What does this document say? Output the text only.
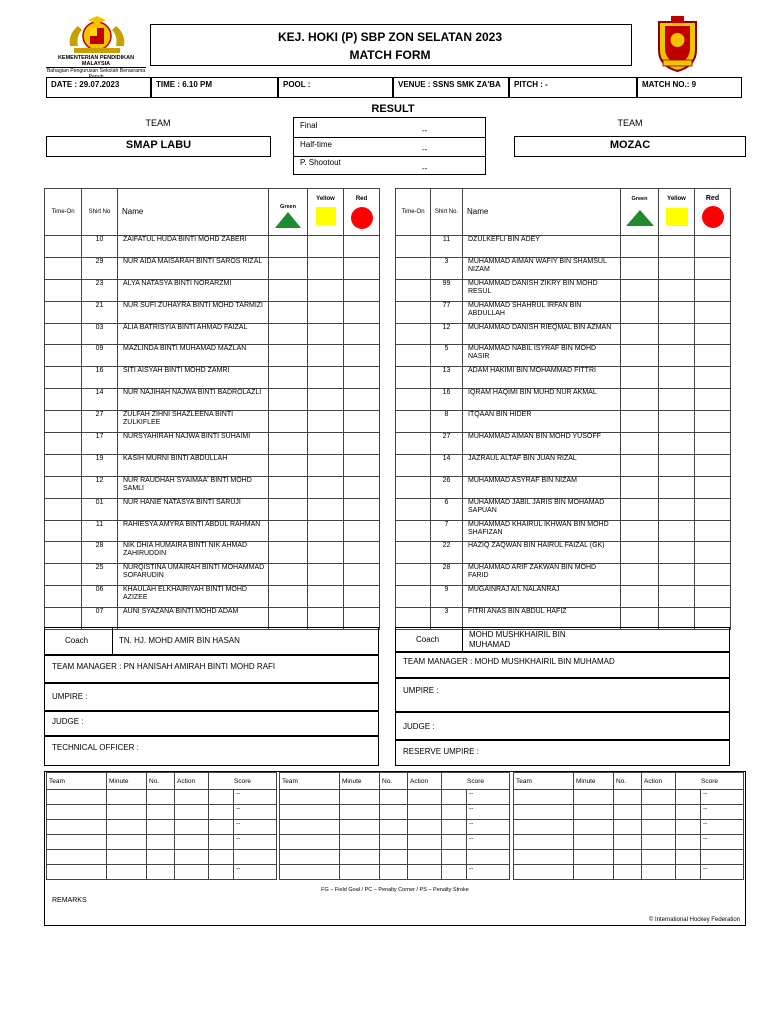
KEMENTERIAN PENDIDIKAN MALAYSIA
Bahagian Pengurusan Sekolah Berasrama Penuh
KEJ. HOKI (P) SBP ZON SELATAN 2023
MATCH FORM
DATE : 29.07.2023	TIME : 6.10 PM	POOL :	VENUE : SSNS SMK ZA'BA	PITCH : -	MATCH NO.: 9
RESULT
Final
--
Half-time
--
P. Shootout
--
TEAM
SMAP LABU
TEAM
MOZAC
Time-On	Shirt No	Name	Green	Yellow	Red

	10	ZAIFATUL HUDA BINTI MOHD ZABERI			
	29	NUR AIDA MAISARAH BINTI SAROS RIZAL			
	23	ALYA NATASYA BINTI NORARZMI			
	21	NUR SUFI ZUHAYRA BINTI MOHD TARMIZI			
	03	ALIA BATRISYIA BINTI AHMAD FAIZAL			
	09	MAZLINDA BINTI MUHAMAD MAZLAN			
	16	SITI AISYAH BINTI MOHD ZAMRI			
	14	NUR NAJIHAH NAJWA BINTI BADROLAZLI			
	27	ZULFAH ZIHNI SHAZLEENA BINTI ZULKIFLEE			
	17	NURSYAHIRAH NAJWA BINTI SUHAIMI			
	19	KASIH MURNI BINTI ABDULLAH			
	12	NUR RAUDHAH SYAIMAA' BINTI MOHD SAMLI			
	01	NUR HANIE NATASYA BINTI SARUJI			
	11	RAHIESYA AMYRA BINTI ABDUL RAHMAN			
	28	NIK DHIA HUMAIRA BINTI NIK AHMAD ZAHIRUDDIN			
	25	NURQISTINA UMAIRAH BINTI MOHAMMAD SOFARUDIN			
	06	KHAULAH ELKHAIRIYAH BINTI MOHD AZIZEE			
	07	AUNI SYAZANA BINTI MOHD ADAM			
Time-On	Shirt No.	Name	Green	Yellow	Red

	11	DZULKEFLI BIN ADEY			
	3	MUHAMMAD AIMAN WAFIY BIN SHAMSUL NIZAM			
	99	MUHAMMAD DANISH ZIKRY BIN MOHD RESUL			
	77	MUHAMMAD SHAHRUL IRFAN BIN ABDULLAH			
	12	MUHAMMAD DANISH RIEQMAL BIN AZMAN			
	5	MUHAMMAD NABIL ISYRAF BIN MOHD NASIR			
	13	ADAM HAKIMI BIN MOHAMMAD FITTRI			
	16	IQRAM HAQIMI BIN MUHD NUR AKMAL			
	8	ITQAAN BIN HIDER			
	27	MUHAMMAD AIMAN BIN MOHD YUSOFF			
	14	JAZRAUL ALTAF BIN JUAN RIZAL			
	26	MUHAMMAD ASYRAF BIN NIZAM			
	6	MUHAMMAD JABIL JARIS BIN MOHAMAD SAPUAN			
	7	MUHAMMAD KHAIRUL IKHWAN BIN MOHD SHAFIZAN			
	22	HAZIQ ZAQWAN BIN HAIRUL FAIZAL (GK)			
	28	MUHAMMAD ARIF ZAKWAN BIN MOHD FARID			
	9	MUGAINRAJ A/L NALANRAJ			
	3	FITRI ANAS BIN ABDUL HAFIZ			
Coach	TN. HJ. MOHD AMIR BIN HASAN
TEAM MANAGER : PN HANISAH AMIRAH BINTI MOHD RAFI
UMPIRE :
JUDGE :
TECHNICAL OFFICER :
Coach
MOHD MUSHKHAIRIL BIN MUHAMAD
TEAM MANAGER : MOHD MUSHKHAIRIL BIN MUHAMAD
UMPIRE :
JUDGE :
RESERVE UMPIRE :
Team	Minute	No.	Action	Score

				--

				--

				--

				--

				--
Team	Minute	No.	Action	Score

				--

				--

				--

				--

				--
Team	Minute	No.	Action	Score

				--

				--

				--

				--

				--
FG – Field Goal / PC – Penalty Corner / PS – Penalty Stroke
REMARKS
© International Hockey Federation
